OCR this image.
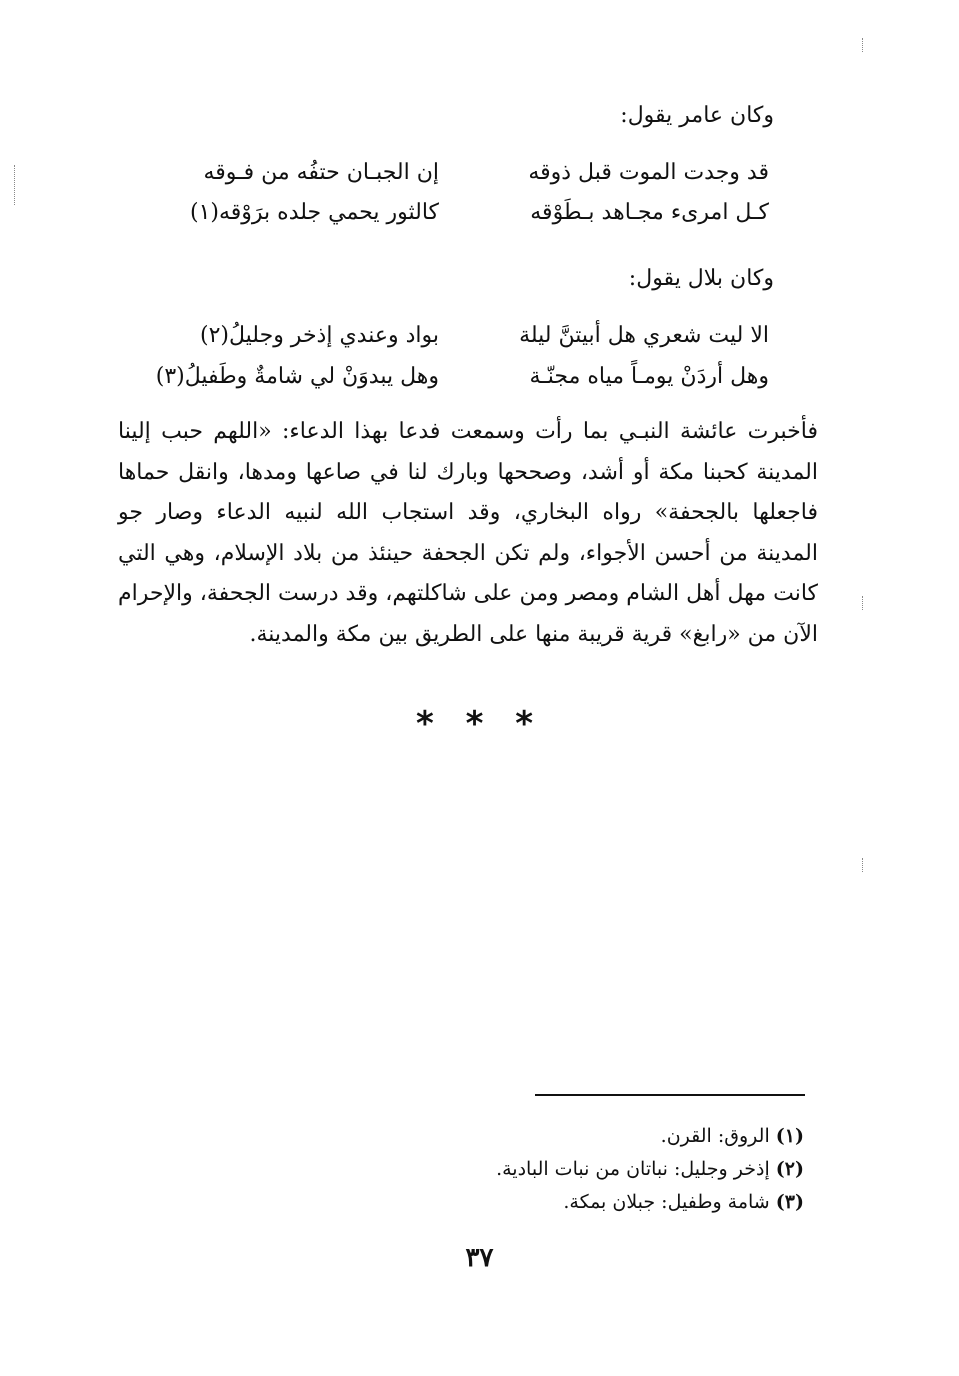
وكان عامر يقول:
قد وجدت الموت قبل ذوقه
إن الجبـان حتفُه من فـوقه
كـل امرىء مجـاهد بـطَوْقه
كالثور يحمي جلده برَوْقه(١)
وكان بلال يقول:
الا ليت شعري هل أبيتنَّ ليلة
بواد وعندي إذخر وجليلُ(٢)
وهل أردَنْ يومـاً مياه مجنّـة
وهل يبدوَنْ لي شامةٌ وطَفيلُ(٣)
فأخبرت عائشة النبـي بما رأت وسمعت فدعا بهذا الدعاء: «اللهم حبب إلينا المدينة كحبنا مكة أو أشد، وصححها وبارك لنا في صاعها ومدها، وانقل حماها فاجعلها بالجحفة» رواه البخاري، وقد استجاب الله لنبيه الدعاء وصار جو المدينة من أحسن الأجواء، ولم تكن الجحفة حينئذ من بلاد الإسلام، وهي التي كانت مهل أهل الشام ومصر ومن على شاكلتهم، وقد درست الجحفة، والإحرام الآن من «رابغ» قرية قريبة منها على الطريق بين مكة والمدينة.
* * *
(١) الروق: القرن.
(٢) إذخر وجليل: نباتان من نبات البادية.
(٣) شامة وطفيل: جبلان بمكة.
٣٧
